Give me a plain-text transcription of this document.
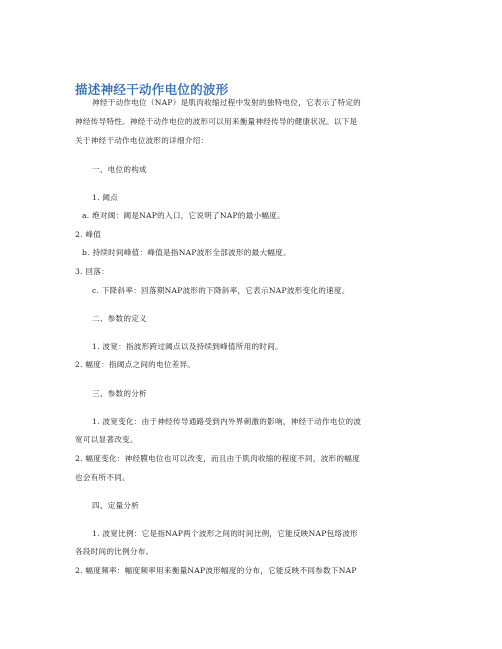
描述神经干动作电位的波形
神经干动作电位（NAP）是肌肉收缩过程中发射的独特电位，它表示了特定的
神经传导特性。神经干动作电位的波形可以用来衡量神经传导的健康状况。以下是
关于神经干动作电位波形的详细介绍：
一、电位的构成
1. 阈点
a. 绝对阈：阈是NAP的入口，它说明了NAP的最小幅度。
2. 峰值
b. 持续时间峰值：峰值是指NAP波形全部波形的最大幅度。
3. 回落：
c. 下降斜率：回落期NAP波形的下降斜率，它表示NAP波形变化的速度。
二、参数的定义
1. 波宽：指波形跨过阈点以及持续到峰值所用的时间。
2. 幅度：指阈点之间的电位差异。
三、参数的分析
1. 波宽变化：由于神经传导通路受到内外界刺激的影响，神经干动作电位的波
宽可以显著改变。
2. 幅度变化：神经膜电位也可以改变，而且由于肌肉收缩的程度不同，波形的幅度
也会有所不同。
四、定量分析
1. 波宽比例：它是指NAP两个波形之间的时间比例，它能反映NAP包络波形
各段时间的比例分布。
2. 幅度频率：幅度频率用来衡量NAP波形幅度的分布，它能反映不同参数下NAP
